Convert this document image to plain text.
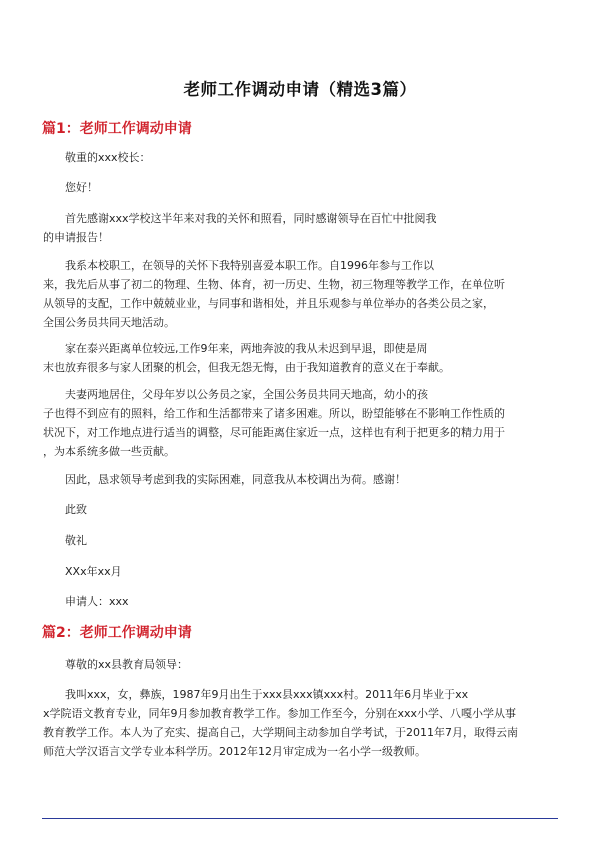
老师工作调动申请（精选3篇）
篇1：老师工作调动申请
敬重的xxx校长：
您好！
首先感谢xxx学校这半年来对我的关怀和照看，同时感谢领导在百忙中批阅我
的申请报告！
我系本校职工，在领导的关怀下我特别喜爱本职工作。自1996年参与工作以
来，我先后从事了初二的物理、生物、体育，初一历史、生物，初三物理等教学工作，在单位听
从领导的支配，工作中兢兢业业，与同事和谐相处，并且乐观参与单位举办的各类公员之家，
全国公务员共同天地活动。
家在泰兴距离单位较远,工作9年来，两地奔波的我从未迟到早退，即使是周
末也放弃很多与家人团聚的机会，但我无怨无悔，由于我知道教育的意义在于奉献。
夫妻两地居住，父母年岁以公务员之家，全国公务员共同天地高，幼小的孩
子也得不到应有的照料，给工作和生活都带来了诸多困难。所以，盼望能够在不影响工作性质的
状况下，对工作地点进行适当的调整，尽可能距离住家近一点，这样也有利于把更多的精力用于
，为本系统多做一些贡献。
因此，恳求领导考虑到我的实际困难，同意我从本校调出为荷。感谢！
此致
敬礼
XXx年xx月
申请人：xxx
篇2：老师工作调动申请
尊敬的xx县教育局领导：
我叫xxx，女，彝族，1987年9月出生于xxx县xxx镇xxx村。2011年6月毕业于xx
x学院语文教育专业，同年9月参加教育教学工作。参加工作至今，分别在xxx小学、八嘎小学从事
教育教学工作。本人为了充实、提高自己，大学期间主动参加自学考试，于2011年7月，取得云南
师范大学汉语言文学专业本科学历。2012年12月审定成为一名小学一级教师。
